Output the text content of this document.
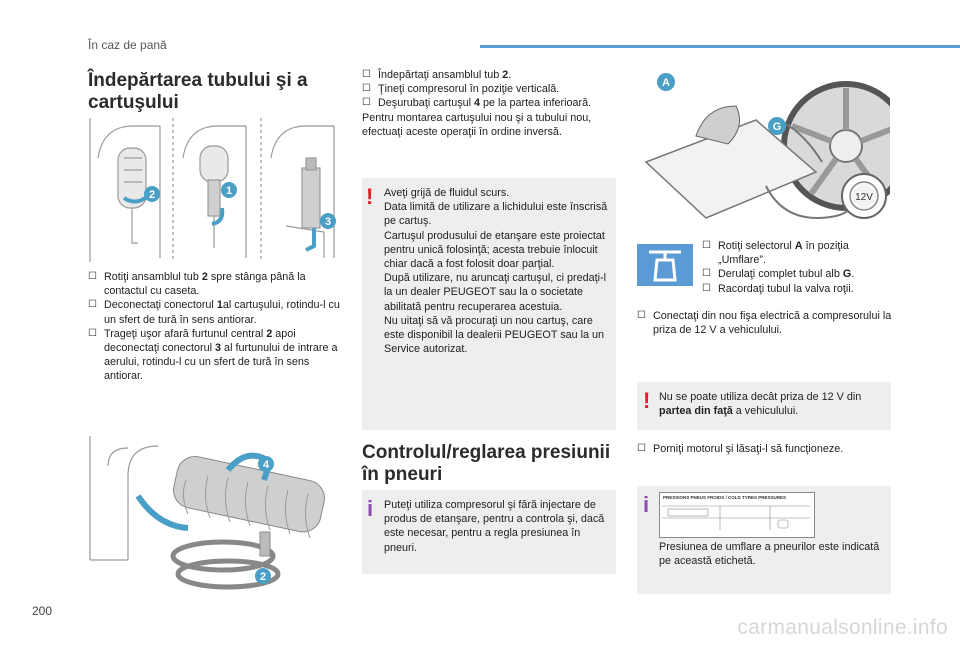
În caz de pană
Îndepărtarea tubului şi a
cartuşului
2	1
3
☐ Rotiţi ansamblul tub 2 spre stânga până la contactul cu caseta.
☐ Deconectaţi conectorul 1al cartuşului, rotindu-l cu un sfert de tură în sens antiorar.
☐ Trageţi uşor afară furtunul central 2 apoi deconectaţi conectorul 3 al furtunului de intrare a aerului, rotindu-l cu un sfert de tură în sens antiorar.
4
2
☐ Îndepărtaţi ansamblul tub 2.
☐ Ţineţi compresorul în poziţie verticală.
☐ Deşurubaţi cartuşul 4 pe la partea inferioară.
Pentru montarea cartuşului nou şi a tubului nou, efectuaţi aceste operaţii în ordine inversă.
! Aveţi grijă de fluidul scurs.
Data limită de utilizare a lichidului este înscrisă pe cartuş.
Cartuşul produsului de etanşare este proiectat pentru unică folosinţă; acesta trebuie înlocuit chiar dacă a fost folosit doar parţial.
După utilizare, nu aruncaţi cartuşul, ci predaţi-l la un dealer PEUGEOT sau la o societate abilitată pentru recuperarea acestuia.
Nu uitaţi să vă procuraţi un nou cartuş, care este disponibil la dealerii PEUGEOT sau la un Service autorizat.
Controlul/reglarea presiunii
în pneuri
i Puteţi utiliza compresorul şi fără injectare de produs de etanşare, pentru a controla şi, dacă este necesar, pentru a regla presiunea în pneuri.
12V
A
G
☐ Rotiţi selectorul A în poziţia „Umflare”.
☐ Derulaţi complet tubul alb G.
☐ Racordaţi tubul la valva roţii.
☐ Conectaţi din nou fişa electrică a compresorului la priza de 12 V a vehiculului.
! Nu se poate utiliza decât priza de 12 V din partea din faţă a vehiculului.
☐ Porniţi motorul şi lăsaţi-l să funcţioneze.
i	PRESSIONS PNEUS FROIDS / COLD TYRES PRESSURES
Presiunea de umflare a pneurilor este indicată pe această etichetă.
200
carmanualsonline.info
